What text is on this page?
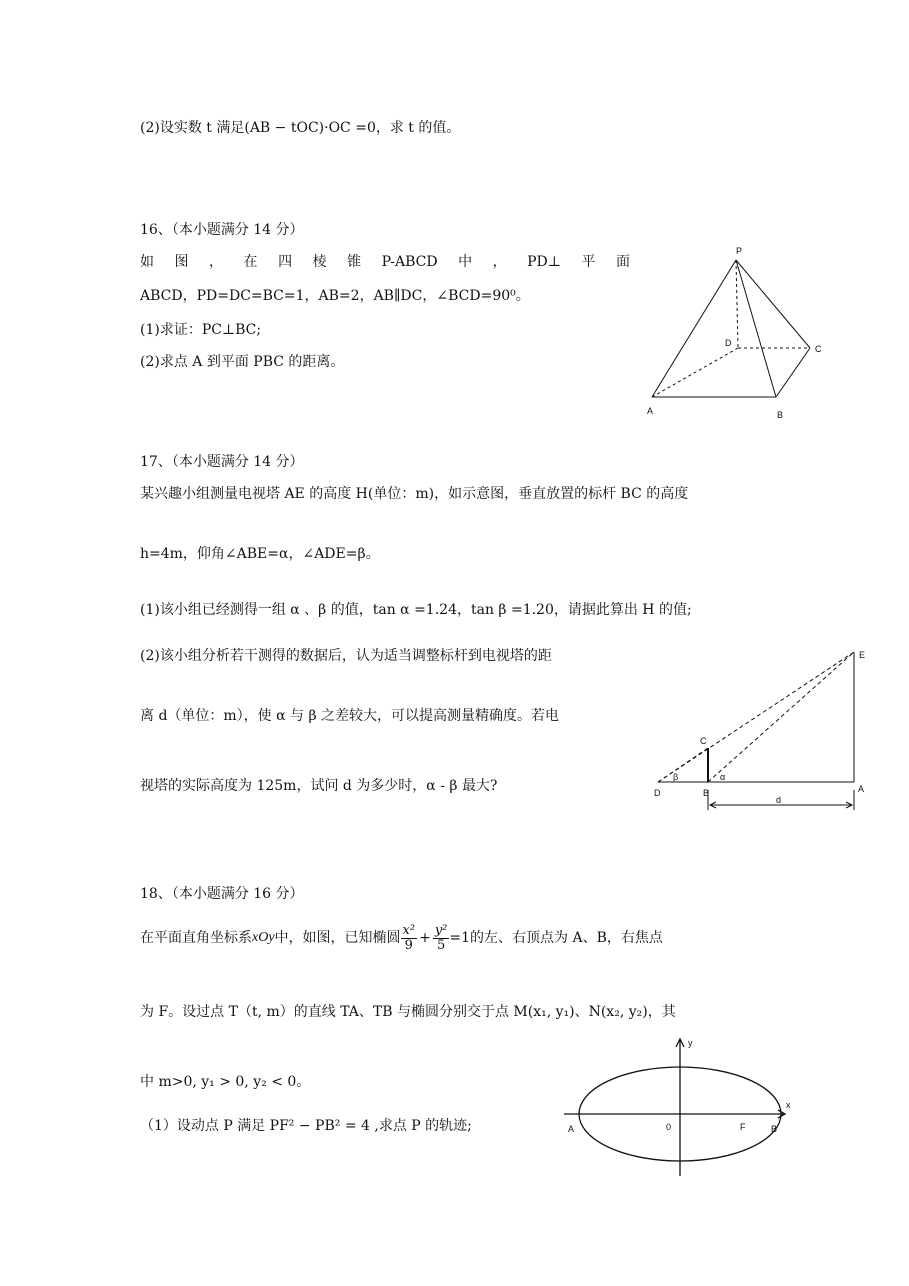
(2)设实数 t 满足(AB − tOC)·OC =0，求 t 的值。
16、（本小题满分 14 分）
如 图 ， 在 四 棱 锥 P-ABCD 中 ， PD⊥ 平 面
ABCD，PD=DC=BC=1，AB=2，AB∥DC，∠BCD=90⁰。
(1)求证：PC⊥BC;
(2)求点 A 到平面 PBC 的距离。
P
D
C
A	B
17、（本小题满分 14 分）
某兴趣小组测量电视塔 AE 的高度 H(单位：m)，如示意图，垂直放置的标杆 BC 的高度
h=4m，仰角∠ABE=α，∠ADE=β。
(1)该小组已经测得一组 α 、β 的值，tan α =1.24，tan β =1.20，请据此算出 H 的值;
(2)该小组分析若干测得的数据后，认为适当调整标杆到电视塔的距
离 d（单位：m），使 α 与 β 之差较大，可以提高测量精确度。若电
视塔的实际高度为 125m，试问 d 为多少时，α - β 最大?
E
C
D	B	A
d
β	α
18、（本小题满分 16 分）
在平面直角坐标系 xOy 中，如图，已知椭圆 $\frac{\text{x²}}{9} + \frac{\text{y²}}{5} =1$ 的左、右顶点为 A、B，右焦点
为 F。设过点 T（t, m）的直线 TA、TB 与椭圆分别交于点 M(x₁, y₁)、N(x₂, y₂)，其
中 m>0, y₁ > 0, y₂ < 0。
（1）设动点 P 满足 PF² − PB² = 4 ,求点 P 的轨迹;
y
x
A	0	F	B
